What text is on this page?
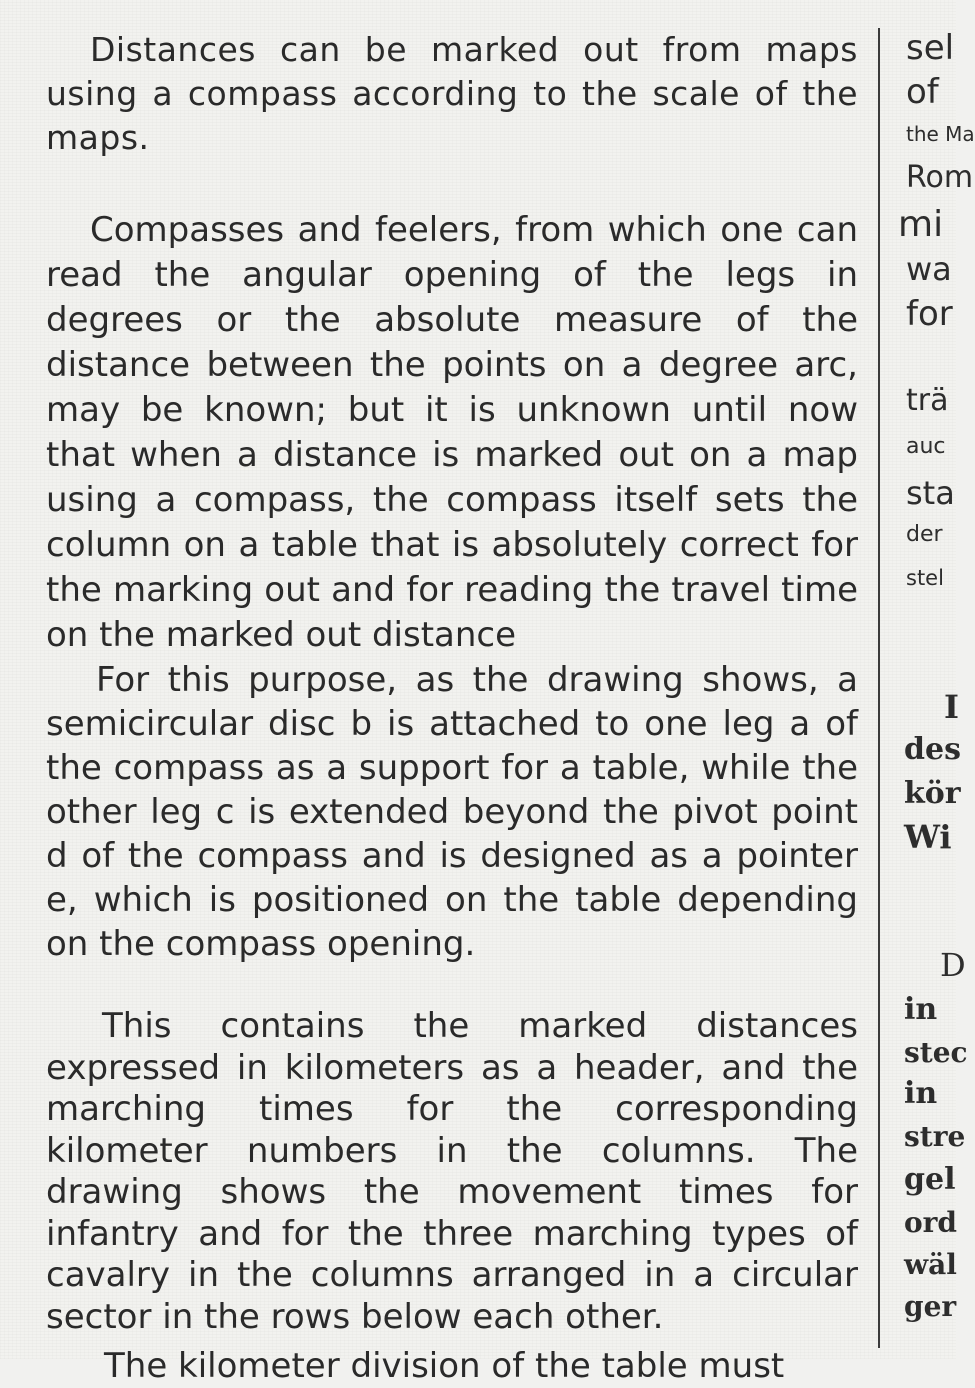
Distances can be marked out from maps using a compass according to the scale of the maps.

Compasses and feelers, from which one can read the angular opening of the legs in degrees or the absolute measure of the distance between the points on a degree arc, may be known; but it is unknown until now that when a distance is marked out on a map using a compass, the compass itself sets the column on a table that is absolutely correct for the marking out and for reading the travel time on the marked out distance

For this purpose, as the drawing shows, a semicircular disc b is attached to one leg a of the compass as a support for a table, while the other leg c is extended beyond the pivot point d of the compass and is designed as a pointer e, which is positioned on the table depending on the compass opening.

This contains the marked distances expressed in kilometers as a header, and the marching times for the corresponding kilometer numbers in the columns. The drawing shows the movement times for infantry and for the three marching types of cavalry in the columns arranged in a circular sector in the rows below each other.

The kilometer division of the table must

sel
of
the Ma
Rom
mi
wa
for
trä
auc
sta
der
stel
I
des
kör
Wi
D
in
stec
in
stre
gel
ord
wäl
ger
